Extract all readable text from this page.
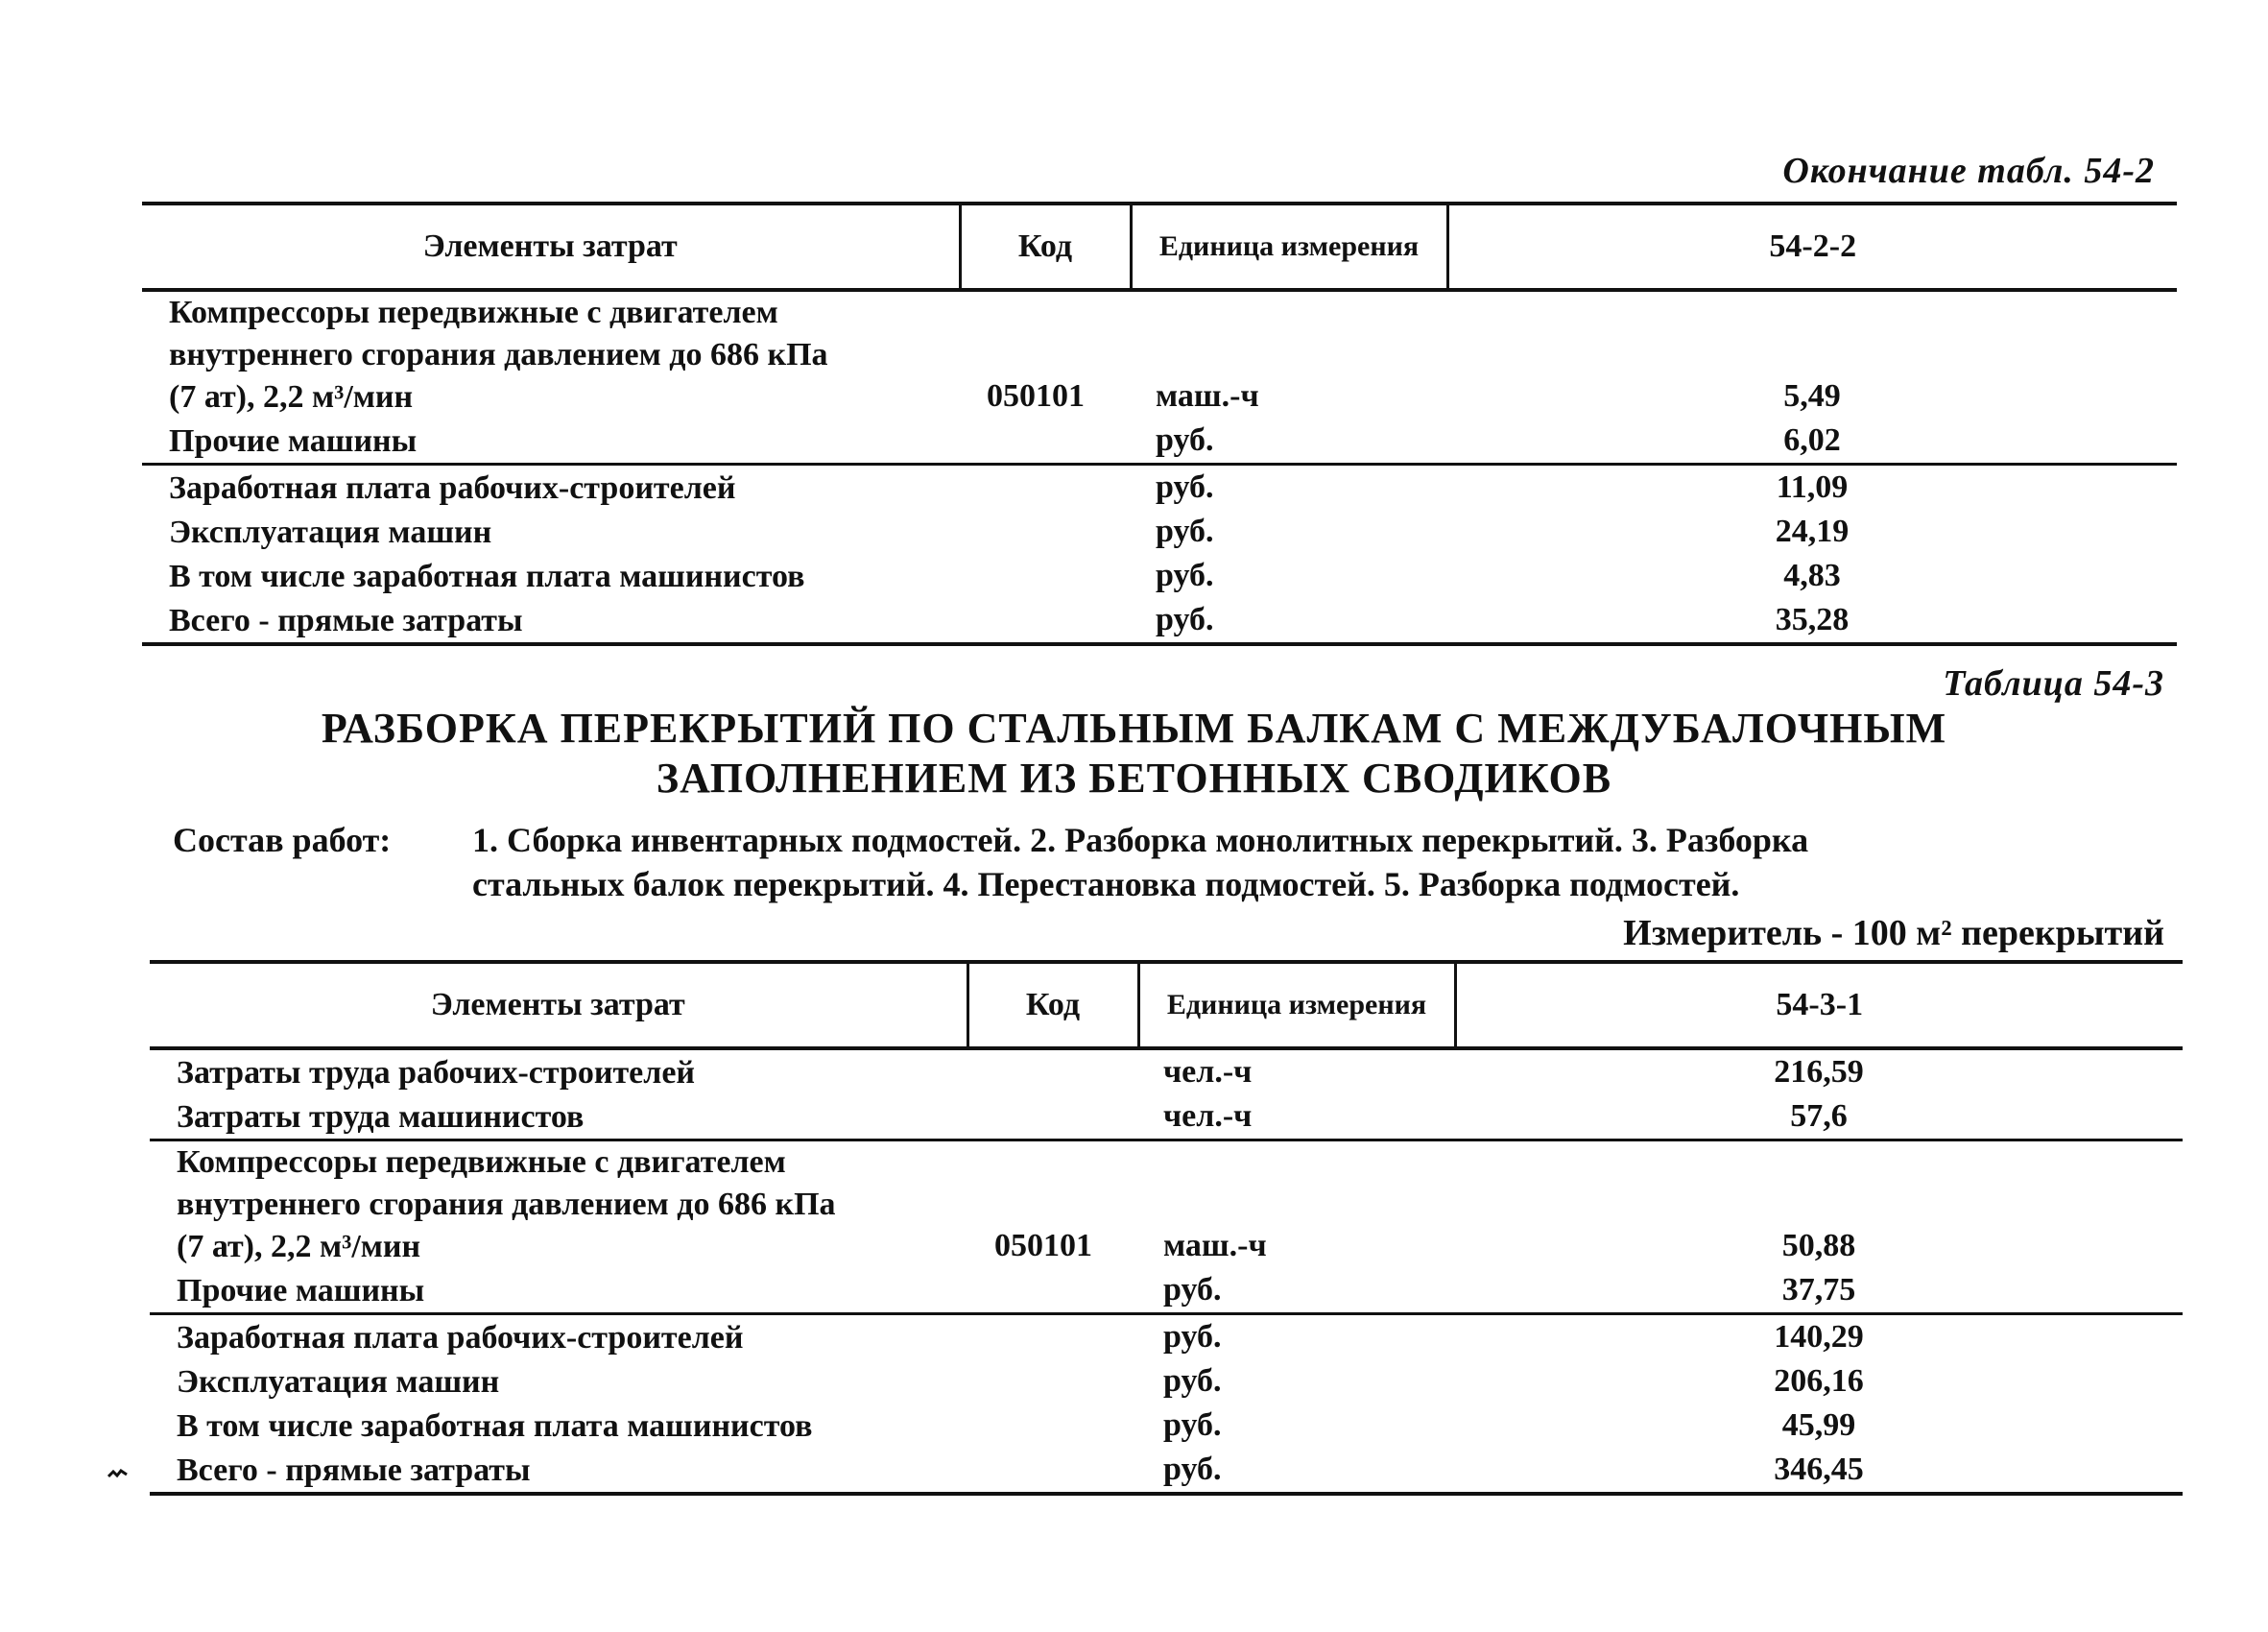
Окончание табл. 54-2
Элементы затрат	Код	Единица измерения	54-2-2

Компрессоры передвижные с двигателем
внутреннего сгорания давлением до 686 кПа
(7 ат), 2,2 м³/мин	050101	маш.-ч	5,49
Прочие машины		руб.	6,02
Заработная плата рабочих-строителей		руб.	11,09
Эксплуатация машин		руб.	24,19
В том числе заработная плата машинистов		руб.	4,83
Всего - прямые затраты		руб.	35,28
Таблица 54-3
РАЗБОРКА ПЕРЕКРЫТИЙ ПО СТАЛЬНЫМ БАЛКАМ С МЕЖДУБАЛОЧНЫМ
ЗАПОЛНЕНИЕМ ИЗ БЕТОННЫХ СВОДИКОВ
Состав работ: 1. Сборка инвентарных подмостей. 2. Разборка монолитных перекрытий. 3. Разборка
стальных балок перекрытий. 4. Перестановка подмостей. 5. Разборка подмостей.
Измеритель - 100 м² перекрытий
Элементы затрат	Код	Единица измерения	54-3-1
Затраты труда рабочих-строителей		чел.-ч	216,59
Затраты труда машинистов		чел.-ч	57,6

Компрессоры передвижные с двигателем
внутреннего сгорания давлением до 686 кПа
(7 ат), 2,2 м³/мин	050101	маш.-ч	50,88
Прочие машины		руб.	37,75
Заработная плата рабочих-строителей		руб.	140,29
Эксплуатация машин		руб.	206,16
В том числе заработная плата машинистов		руб.	45,99
Всего - прямые затраты		руб.	346,45
